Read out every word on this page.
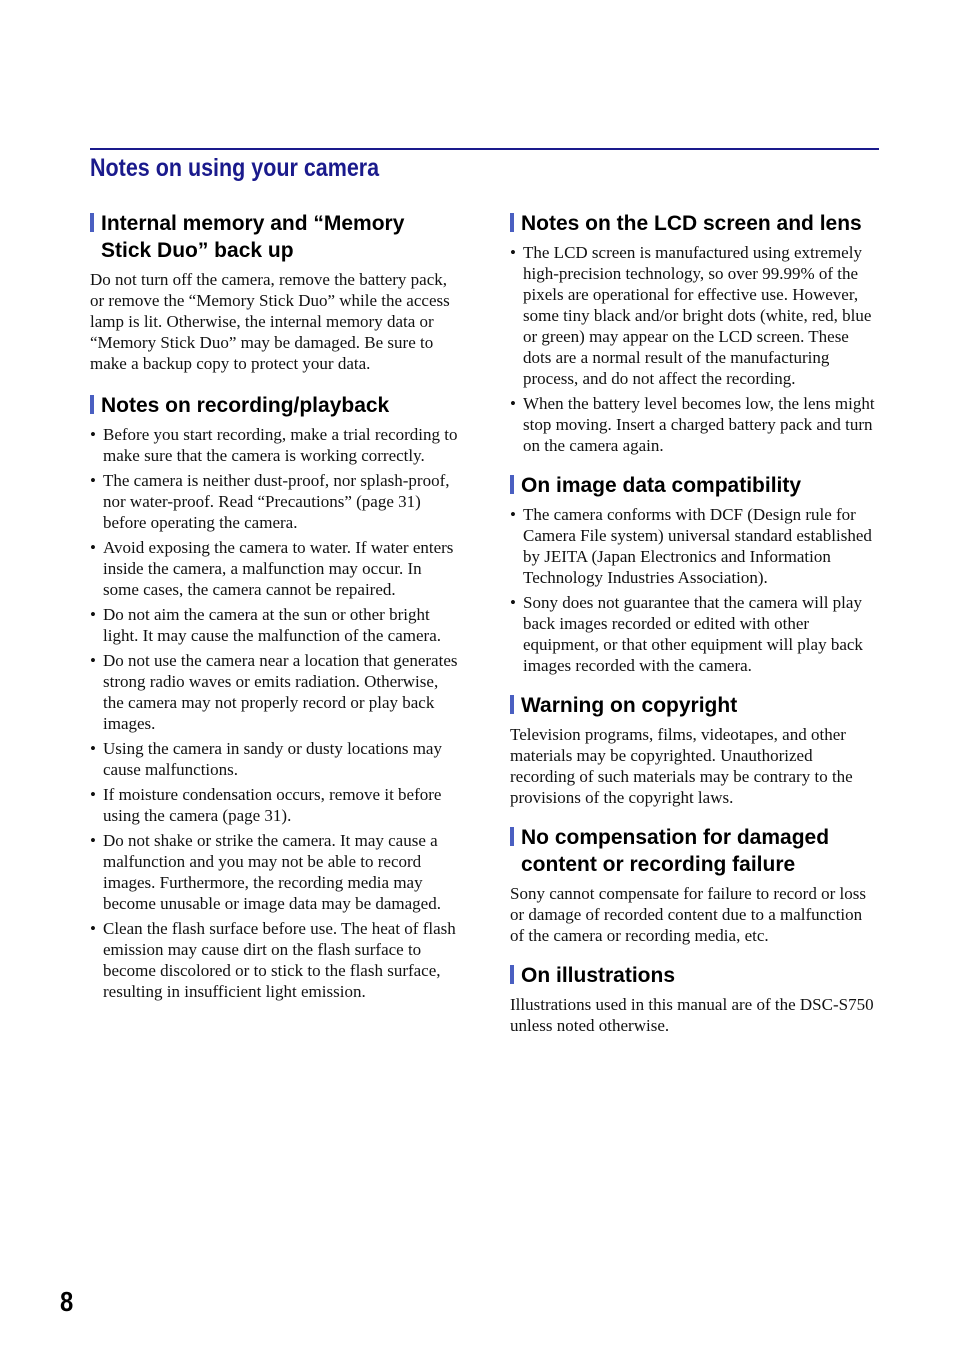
Notes on using your camera
Internal memory and “Memory Stick Duo” back up

Do not turn off the camera, remove the battery pack, or remove the “Memory Stick Duo” while the access lamp is lit. Otherwise, the internal memory data or “Memory Stick Duo” may be damaged. Be sure to make a backup copy to protect your data.

Notes on recording/playback
• Before you start recording, make a trial recording to make sure that the camera is working correctly.
• The camera is neither dust-proof, nor splash-proof, nor water-proof. Read “Precautions” (page 31) before operating the camera.
• Avoid exposing the camera to water. If water enters inside the camera, a malfunction may occur. In some cases, the camera cannot be repaired.
• Do not aim the camera at the sun or other bright light. It may cause the malfunction of the camera.
• Do not use the camera near a location that generates strong radio waves or emits radiation. Otherwise, the camera may not properly record or play back images.
• Using the camera in sandy or dusty locations may cause malfunctions.
• If moisture condensation occurs, remove it before using the camera (page 31).
• Do not shake or strike the camera. It may cause a malfunction and you may not be able to record images. Furthermore, the recording media may become unusable or image data may be damaged.
• Clean the flash surface before use. The heat of flash emission may cause dirt on the flash surface to become discolored or to stick to the flash surface, resulting in insufficient light emission.
Notes on the LCD screen and lens
• The LCD screen is manufactured using extremely high-precision technology, so over 99.99% of the pixels are operational for effective use. However, some tiny black and/or bright dots (white, red, blue or green) may appear on the LCD screen. These dots are a normal result of the manufacturing process, and do not affect the recording.
• When the battery level becomes low, the lens might stop moving. Insert a charged battery pack and turn on the camera again.
On image data compatibility
• The camera conforms with DCF (Design rule for Camera File system) universal standard established by JEITA (Japan Electronics and Information Technology Industries Association).
• Sony does not guarantee that the camera will play back images recorded or edited with other equipment, or that other equipment will play back images recorded with the camera.
Warning on copyright

Television programs, films, videotapes, and other materials may be copyrighted. Unauthorized recording of such materials may be contrary to the provisions of the copyright laws.

No compensation for damaged content or recording failure

Sony cannot compensate for failure to record or loss or damage of recorded content due to a malfunction of the camera or recording media, etc.

On illustrations

Illustrations used in this manual are of the DSC-S750 unless noted otherwise.

8
